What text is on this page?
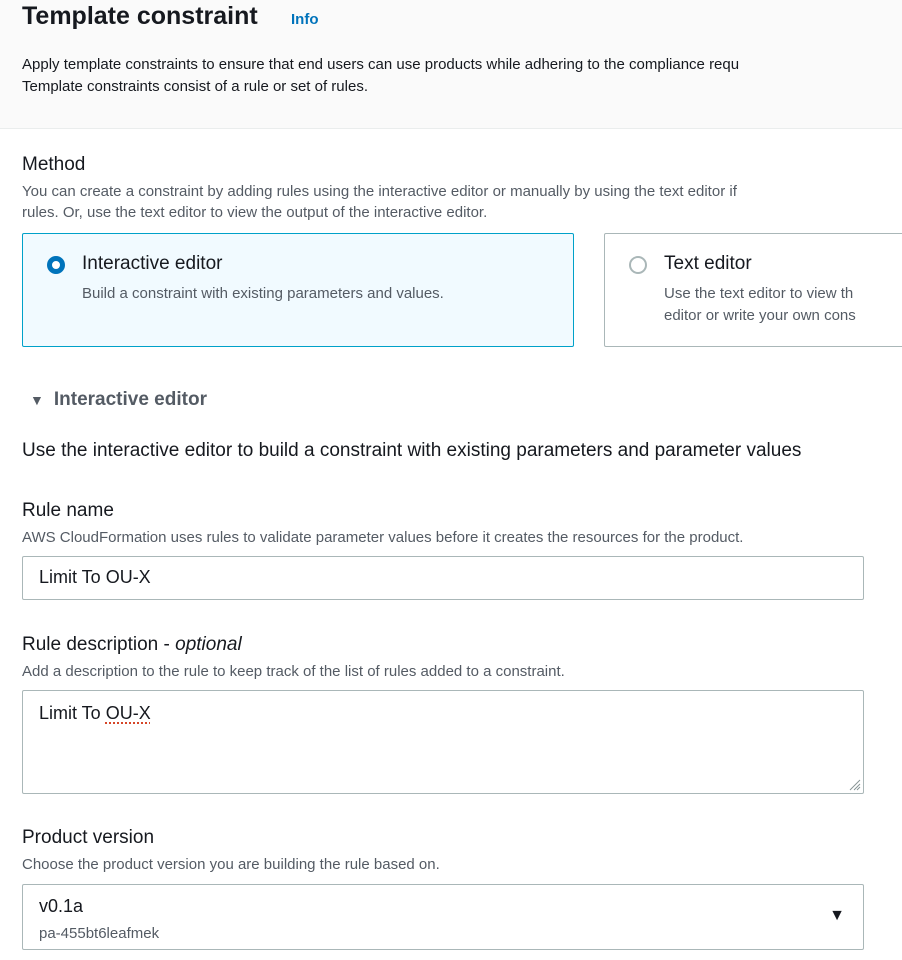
Template constraint Info
Apply template constraints to ensure that end users can use products while adhering to the compliance requ
Template constraints consist of a rule or set of rules.
Method
You can create a constraint by adding rules using the interactive editor or manually by using the text editor if
rules. Or, use the text editor to view the output of the interactive editor.
Interactive editor
Build a constraint with existing parameters and values.
Text editor
Use the text editor to view th
editor or write your own cons
▼ Interactive editor
Use the interactive editor to build a constraint with existing parameters and parameter values
Rule name
AWS CloudFormation uses rules to validate parameter values before it creates the resources for the product.
Limit To OU-X
Rule description - optional
Add a description to the rule to keep track of the list of rules added to a constraint.
Limit To OU-X
Product version
Choose the product version you are building the rule based on.
v0.1a
pa-455bt6leafmek
▼
